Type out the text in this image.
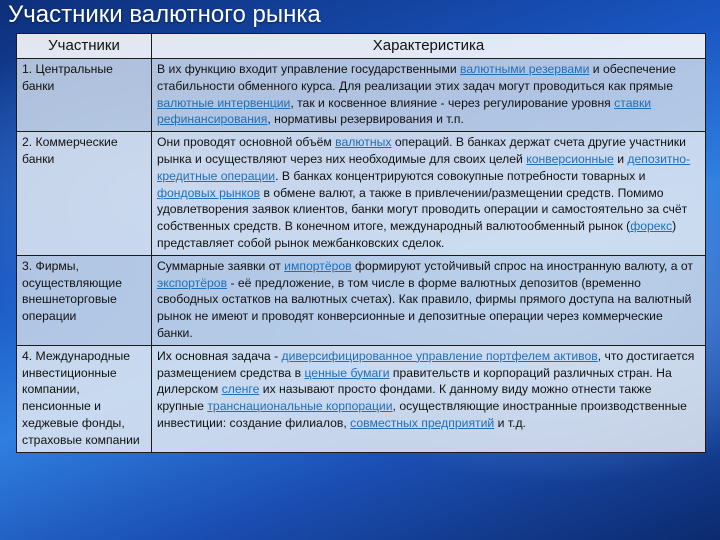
Участники валютного рынка
Участники	Характеристика
1. Центральные банки	В их функцию входит управление государственными валютными резервами и обеспечение стабильности обменного курса. Для реализации этих задач могут проводиться как прямые валютные интервенции, так и косвенное влияние - через регулирование уровня ставки рефинансирования, нормативы резервирования и т.п.
2. Коммерческие банки	Они проводят основной объём валютных операций. В банках держат счета другие участники рынка и осуществляют через них необходимые для своих целей конверсионные и депозитно-кредитные операции. В банках концентрируются совокупные потребности товарных и фондовых рынков в обмене валют, а также в привлечении/размещении средств. Помимо удовлетворения заявок клиентов, банки могут проводить операции и самостоятельно за счёт собственных средств. В конечном итоге, международный валютообменный рынок (форекс) представляет собой рынок межбанковских сделок.
3. Фирмы, осуществляющие внешнеторговые операции	Суммарные заявки от импортёров формируют устойчивый спрос на иностранную валюту, а от экспортёров - её предложение, в том числе в форме валютных депозитов (временно свободных остатков на валютных счетах). Как правило, фирмы прямого доступа на валютный рынок не имеют и проводят конверсионные и депозитные операции через коммерческие банки.
4. Международные инвестиционные компании, пенсионные и хеджевые фонды, страховые компании	Их основная задача - диверсифицированное управление портфелем активов, что достигается размещением средства в ценные бумаги правительств и корпораций различных стран. На дилерском сленге их называют просто фондами. К данному виду можно отнести также крупные транснациональные корпорации, осуществляющие иностранные производственные инвестиции: создание филиалов, совместных предприятий и т.д.
